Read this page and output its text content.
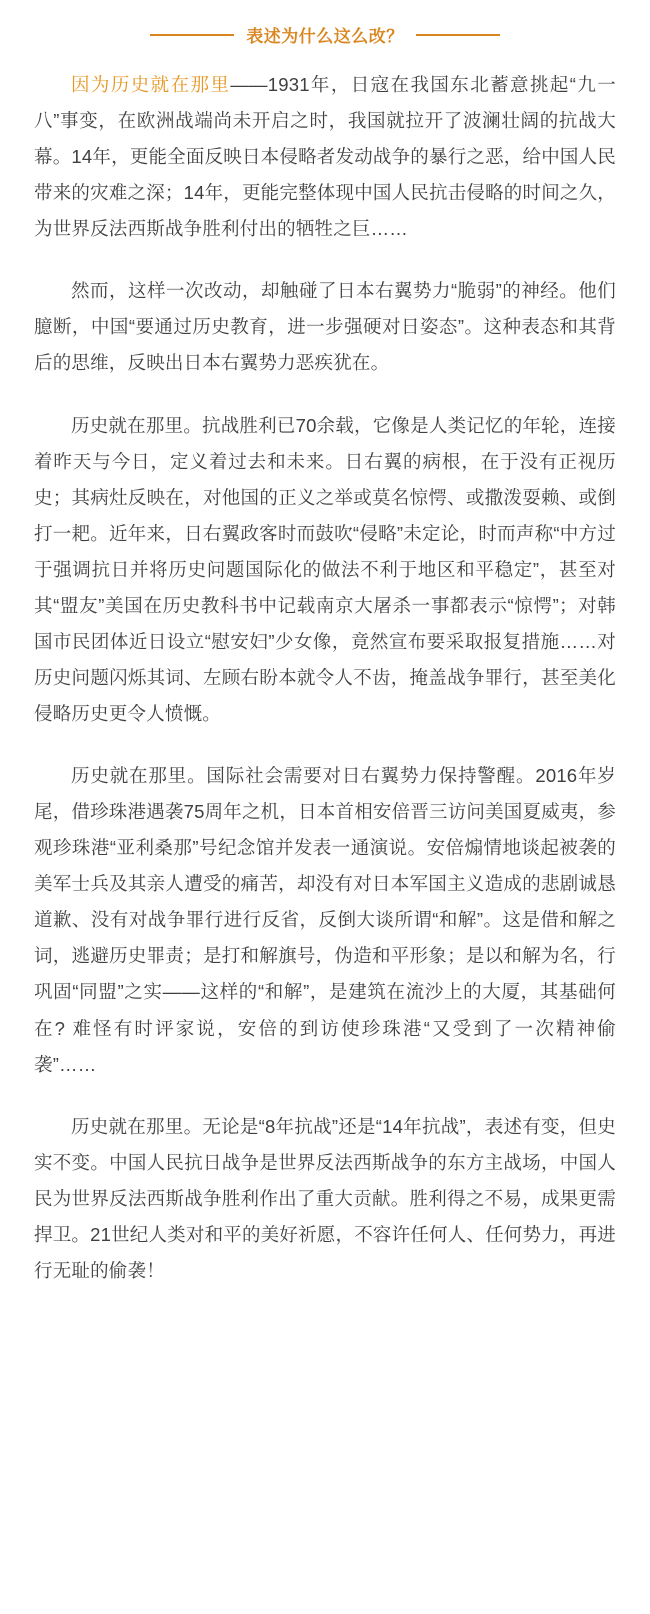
表述为什么这么改？

因为历史就在那里——1931年，日寇在我国东北蓄意挑起“九一八”事变，在欧洲战端尚未开启之时，我国就拉开了波澜壮阔的抗战大幕。14年，更能全面反映日本侵略者发动战争的暴行之恶，给中国人民带来的灾难之深；14年，更能完整体现中国人民抗击侵略的时间之久，为世界反法西斯战争胜利付出的牺牲之巨……

然而，这样一次改动，却触碰了日本右翼势力“脆弱”的神经。他们臆断，中国“要通过历史教育，进一步强硬对日姿态”。这种表态和其背后的思维，反映出日本右翼势力恶疾犹在。

历史就在那里。抗战胜利已70余载，它像是人类记忆的年轮，连接着昨天与今日，定义着过去和未来。日右翼的病根，在于没有正视历史；其病灶反映在，对他国的正义之举或莫名惊愕、或撒泼耍赖、或倒打一耙。近年来，日右翼政客时而鼓吹“侵略”未定论，时而声称“中方过于强调抗日并将历史问题国际化的做法不利于地区和平稳定”，甚至对其“盟友”美国在历史教科书中记载南京大屠杀一事都表示“惊愕”；对韩国市民团体近日设立“慰安妇”少女像，竟然宣布要采取报复措施……对历史问题闪烁其词、左顾右盼本就令人不齿，掩盖战争罪行，甚至美化侵略历史更令人愤慨。

历史就在那里。国际社会需要对日右翼势力保持警醒。2016年岁尾，借珍珠港遇袭75周年之机，日本首相安倍晋三访问美国夏威夷，参观珍珠港“亚利桑那”号纪念馆并发表一通演说。安倍煽情地谈起被袭的美军士兵及其亲人遭受的痛苦，却没有对日本军国主义造成的悲剧诚恳道歉、没有对战争罪行进行反省，反倒大谈所谓“和解”。这是借和解之词，逃避历史罪责；是打和解旗号，伪造和平形象；是以和解为名，行巩固“同盟”之实——这样的“和解”，是建筑在流沙上的大厦，其基础何在? 难怪有时评家说，安倍的到访使珍珠港“又受到了一次精神偷袭”……

历史就在那里。无论是“8年抗战”还是“14年抗战”，表述有变，但史实不变。中国人民抗日战争是世界反法西斯战争的东方主战场，中国人民为世界反法西斯战争胜利作出了重大贡献。胜利得之不易，成果更需捍卫。21世纪人类对和平的美好祈愿，不容许任何人、任何势力，再进行无耻的偷袭！
